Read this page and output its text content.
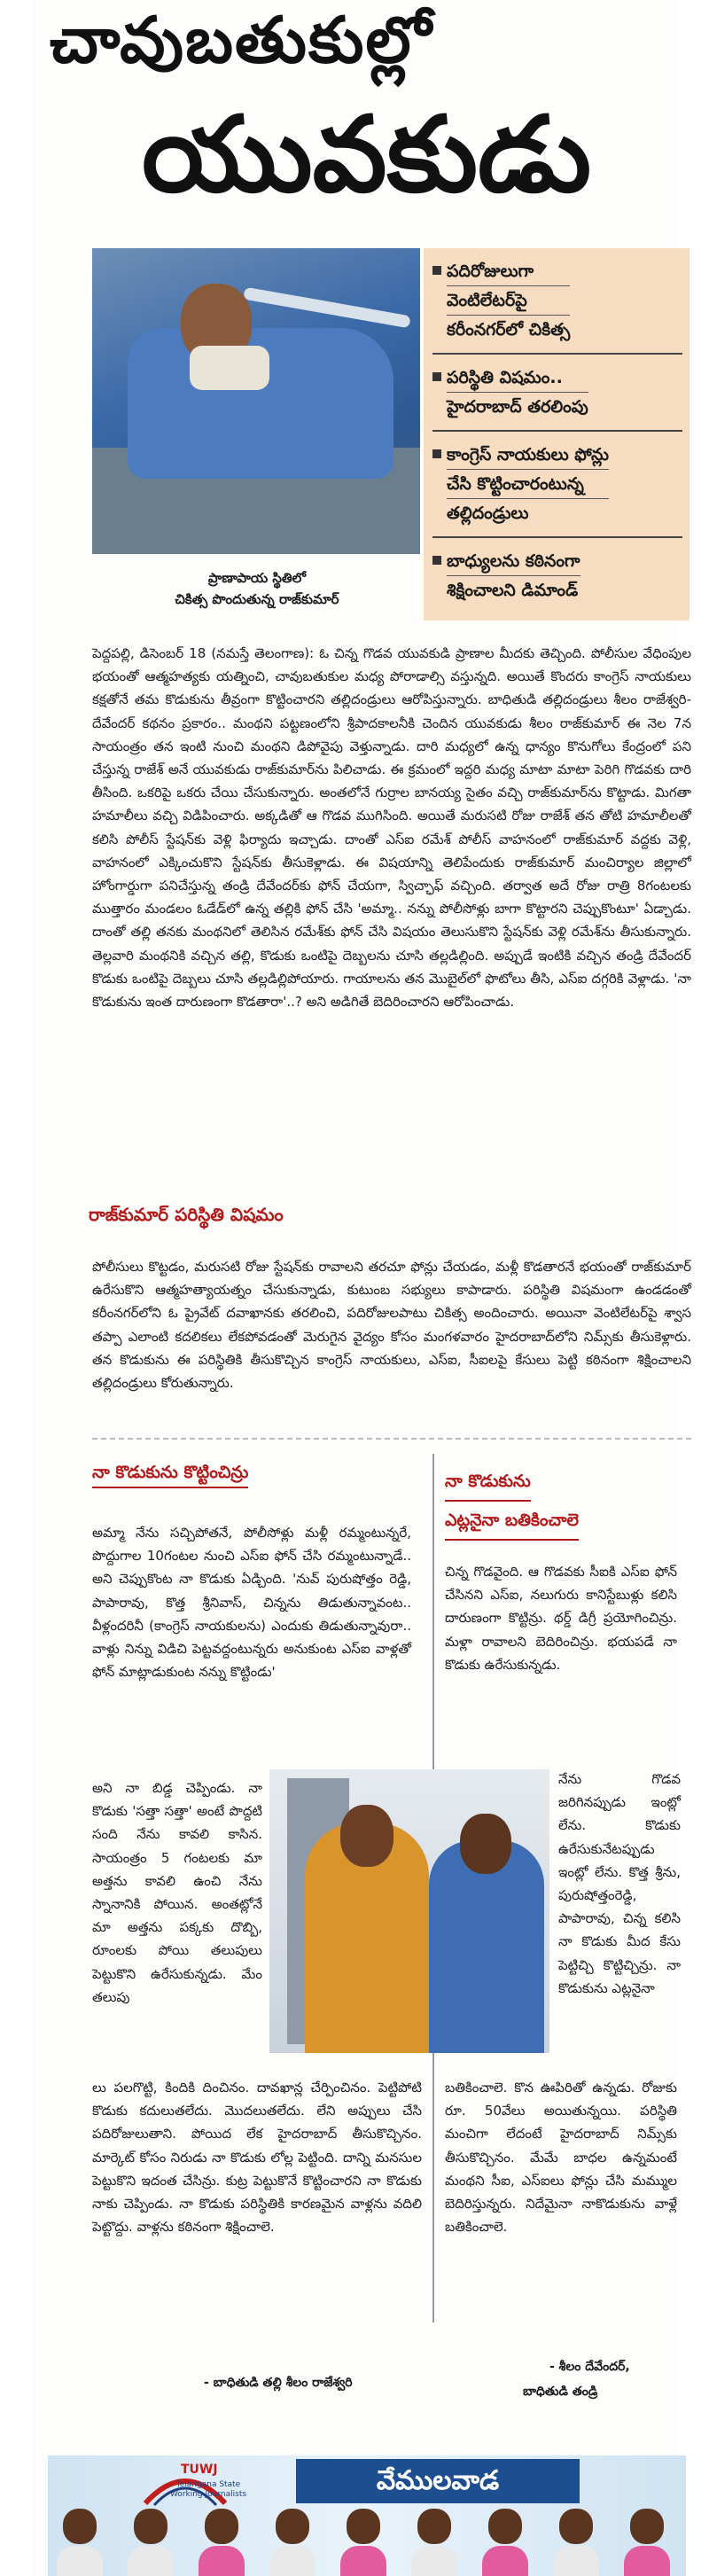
చావుబతుకుల్లో
యువకుడు
ప్రాణాపాయ స్థితిలో
చికిత్స పొందుతున్న రాజ్‌కుమార్
పదిరోజులుగా
వెంటిలేటర్‌పై
కరీంనగర్‌లో చికిత్స
పరిస్థితి విషమం..
హైదరాబాద్ తరలింపు
కాంగ్రెస్ నాయకులు ఫోన్లు
చేసి కొట్టించారంటున్న
తల్లిదండ్రులు
బాధ్యులను కఠినంగా
శిక్షించాలని డిమాండ్
పెద్దపల్లి, డిసెంబర్ 18 (నమస్తే తెలంగాణ): ఓ చిన్న గొడవ యువకుడి ప్రాణాల మీదకు తెచ్చింది. పోలీసుల వేధింపుల భయంతో ఆత్మహత్యకు యత్నించి, చావుబతుకుల మధ్య పోరాడాల్సి వస్తున్నది. అయితే కొందరు కాంగ్రెస్ నాయకులు కక్షతోనే తమ కొడుకును తీవ్రంగా కొట్టించారని తల్లిదండ్రులు ఆరోపిస్తున్నారు. బాధితుడి తల్లిదండ్రులు శీలం రాజేశ్వరి-దేవేందర్ కథనం ప్రకారం.. మంథని పట్టణంలోని శ్రీపాదకాలనీకి చెందిన యువకుడు శీలం రాజ్‌కుమార్ ఈ నెల 7న సాయంత్రం తన ఇంటి నుంచి మంథని డిపోవైపు వెళ్తున్నాడు. దారి మధ్యలో ఉన్న ధాన్యం కొనుగోలు కేంద్రంలో పని చేస్తున్న రాజేశ్ అనే యువకుడు రాజ్‌కుమార్‌ను పిలిచాడు. ఈ క్రమంలో ఇద్దరి మధ్య మాటా మాటా పెరిగి గొడవకు దారి తీసింది. ఒకరిపై ఒకరు చేయి చేసుకున్నారు. అంతలోనే గుర్రాల బానయ్య సైతం వచ్చి రాజ్‌కుమార్‌ను కొట్టాడు. మిగతా హమాలీలు వచ్చి విడిపించారు. అక్కడితో ఆ గొడవ ముగిసింది. అయితే మరుసటి రోజు రాజేశ్ తన తోటి హమాలీలతో కలిసి పోలీస్ స్టేషన్‌కు వెళ్లి ఫిర్యాదు ఇచ్చాడు. దాంతో ఎస్ఐ రమేశ్ పోలీస్ వాహనంలో రాజ్‌కుమార్ వద్దకు వెళ్లి, వాహనంలో ఎక్కించుకొని స్టేషన్‌కు తీసుకెళ్లాడు. ఈ విషయాన్ని తెలిపేందుకు రాజ్‌కుమార్ మంచిర్యాల జిల్లాలో హోంగార్డుగా పనిచేస్తున్న తండ్రి దేవేందర్‌కు ఫోన్ చేయగా, స్విచ్ఛాఫ్ వచ్చింది. తర్వాత అదే రోజు రాత్రి 8గంటలకు ముత్తారం మండలం ఓడేడ్‌లో ఉన్న తల్లికి ఫోన్ చేసి 'అమ్మా.. నన్ను పోలీసోళ్లు బాగా కొట్టారని చెప్పుకొంటూ' ఏడ్చాడు. దాంతో తల్లి తనకు మంథనిలో తెలిసిన రమేశ్‌కు ఫోన్ చేసి విషయం తెలుసుకొని స్టేషన్‌కు వెళ్లి రమేశ్‌ను తీసుకున్నారు. తెల్లవారి మంథనికి వచ్చిన తల్లి, కొడుకు ఒంటిపై దెబ్బలను చూసి తల్లడిల్లింది. అప్పుడే ఇంటికి వచ్చిన తండ్రి దేవేందర్ కొడుకు ఒంటిపై దెబ్బలు చూసి తల్లడిల్లిపోయారు. గాయాలను తన మొబైల్‌లో ఫొటోలు తీసి, ఎస్ఐ దగ్గరికి వెళ్లాడు. 'నా కొడుకును ఇంత దారుణంగా కొడతారా'..? అని అడిగితే బెదిరించారని ఆరోపించాడు.
రాజ్‌కుమార్ పరిస్థితి విషమం
పోలీసులు కొట్టడం, మరుసటి రోజు స్టేషన్‌కు రావాలని తరచూ ఫోన్లు చేయడం, మళ్లీ కొడతారనే భయంతో రాజ్‌కుమార్ ఉరేసుకొని ఆత్మహత్యాయత్నం చేసుకున్నాడు, కుటుంబ సభ్యులు కాపాడారు. పరిస్థితి విషమంగా ఉండడంతో కరీంనగర్‌లోని ఓ ప్రైవేట్ దవాఖానకు తరలించి, పదిరోజులపాటు చికిత్స అందించారు. అయినా వెంటిలేటర్‌పై శ్వాస తప్పా ఎలాంటి కదలికలు లేకపోవడంతో మెరుగైన వైద్యం కోసం మంగళవారం హైదరాబాద్‌లోని నిమ్స్‌కు తీసుకెళ్లారు. తన కొడుకును ఈ పరిస్థితికి తీసుకొచ్చిన కాంగ్రెస్ నాయకులు, ఎస్ఐ, సీఐలపై కేసులు పెట్టి కఠినంగా శిక్షించాలని తల్లిదండ్రులు కోరుతున్నారు.
నా కొడుకును కొట్టించిన్రు	నా కొడుకును
ఎట్లనైనా బతికించాలె
అమ్మా నేను సచ్చిపోతనే, పోలీసోళ్లు మళ్లీ రమ్మంటున్నరే, పొద్దుగాల 10గంటల నుంచి ఎస్ఐ ఫోన్ చేసి రమ్మంటున్నాడే.. అని చెప్పుకొంట నా కొడుకు ఏడ్చింది. 'నువ్ పురుషోత్తం రెడ్డి, పాపారావు, కొత్త శ్రీనివాస్, చిన్నను తిడుతున్నావంట.. వీళ్లందరినీ (కాంగ్రెస్ నాయకులను) ఎందుకు తిడుతున్నావురా.. వాళ్లు నిన్ను విడిచి పెట్టవద్దంటున్నరు అనుకుంట ఎస్ఐ వాళ్లతో ఫోన్ మాట్లాడుకుంట నన్ను కొట్టిండు'
అని నా బిడ్డ చెప్పిండు. నా కొడుకు 'సత్తా సత్తా' అంటే పొద్దటి సంది నేను కావలి కాసిన. సాయంత్రం 5 గంటలకు మా అత్తను కావలి ఉంచి నేను స్నానానికి పోయిన. అంతట్లోనే మా అత్తను పక్కకు దొబ్బి, రూంలకు పోయి తలుపులు పెట్టుకొని ఉరేసుకున్నడు. మేం తలుపు
లు పలగొట్టి, కిందికి దించినం. దావఖాన్ల చేర్పించినం. పెట్టిపోటి కొడుకు కదులుతలేదు. మొదలుతలేదు. లేని అప్పులు చేసి పదిరోజులుతాని. పోయిద లేక హైదరాబాద్ తీసుకొచ్చినం. మార్కెట్ కోసం నిరుడు నా కొడుకు లోల్ల పెట్టింది. దాన్ని మనసుల పెట్టుకొని ఇదంత చేసిన్రు. కుట్ర పెట్టుకొనే కొట్టించారని నా కొడుకు నాకు చెప్పిండు. నా కొడుకు పరిస్థితికి కారణమైన వాళ్లను వదిలి పెట్టొద్దు. వాళ్లను కఠినంగా శిక్షించాలె.
చిన్న గొడవైంది. ఆ గొడవకు సీఐకి ఎస్ఐ ఫోన్ చేసినని ఎస్ఐ, నలుగురు కానిస్టేబుళ్లు కలిసి దారుణంగా కొట్టిన్రు. థర్డ్ డిగ్రీ ప్రయోగించిన్రు. మళ్లా రావాలని బెదిరించిన్రు. భయపడే నా కొడుకు ఉరేసుకున్నడు.
నేను గొడవ జరిగినప్పుడు ఇంట్లో లేను. కొడుకు ఉరేసుకునేటప్పుడు ఇంట్లో లేను. కొత్త శ్రీను, పురుషోత్తంరెడ్డి, పాపారావు, చిన్న కలిసి నా కొడుకు మీద కేసు పెట్టిచ్చి కొట్టిచ్చిన్రు. నా కొడుకును ఎట్లనైనా
బతికించాలె. కొన ఊపిరితో ఉన్నడు. రోజుకు రూ. 50వేలు అయితున్నయి. పరిస్థితి మంచిగా లేదంటే హైదరాబాద్ నిమ్స్‌కు తీసుకొచ్చినం. మేమే బాధల ఉన్నమంటే మంథని సీఐ, ఎస్ఐలు ఫోన్లు చేసి మమ్ముల బెదిరిస్తున్నరు. నిదేమైనా నాకొడుకును వాళ్లే బతికించాలె.
- బాధితుడి తల్లి శీలం రాజేశ్వరి
- శీలం దేవేందర్,
బాధితుడి తండ్రి
TUWJ
Telangana State Working Journalists	వేములవాడ
